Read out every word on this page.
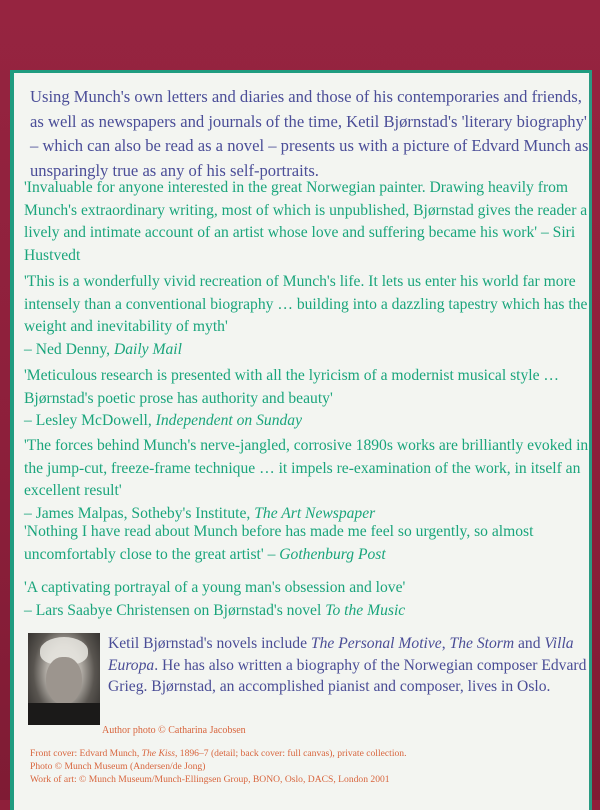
Using Munch's own letters and diaries and those of his contemporaries and friends, as well as newspapers and journals of the time, Ketil Bjørnstad's 'literary biography' – which can also be read as a novel – presents us with a picture of Edvard Munch as unsparingly true as any of his self-portraits.

'Invaluable for anyone interested in the great Norwegian painter. Drawing heavily from Munch's extraordinary writing, most of which is unpublished, Bjørnstad gives the reader a lively and intimate account of an artist whose love and suffering became his work' – Siri Hustvedt

'This is a wonderfully vivid recreation of Munch's life. It lets us enter his world far more intensely than a conventional biography … building into a dazzling tapestry which has the weight and inevitability of myth'
– Ned Denny, Daily Mail

'Meticulous research is presented with all the lyricism of a modernist musical style … Bjørnstad's poetic prose has authority and beauty'
– Lesley McDowell, Independent on Sunday

'The forces behind Munch's nerve-jangled, corrosive 1890s works are brilliantly evoked in the jump-cut, freeze-frame technique … it impels re-examination of the work, in itself an excellent result'
– James Malpas, Sotheby's Institute, The Art Newspaper

'Nothing I have read about Munch before has made me feel so urgently, so almost uncomfortably close to the great artist' – Gothenburg Post

'A captivating portrayal of a young man's obsession and love'
– Lars Saabye Christensen on Bjørnstad's novel To the Music

Ketil Bjørnstad's novels include The Personal Motive, The Storm and Villa Europa. He has also written a biography of the Norwegian composer Edvard Grieg. Bjørnstad, an accomplished pianist and composer, lives in Oslo.

Author photo © Catharina Jacobsen

Front cover: Edvard Munch, The Kiss, 1896–7 (detail; back cover: full canvas), private collection.
Photo © Munch Museum (Andersen/de Jong)
Work of art: © Munch Museum/Munch-Ellingsen Group, BONO, Oslo, DACS, London 2001
